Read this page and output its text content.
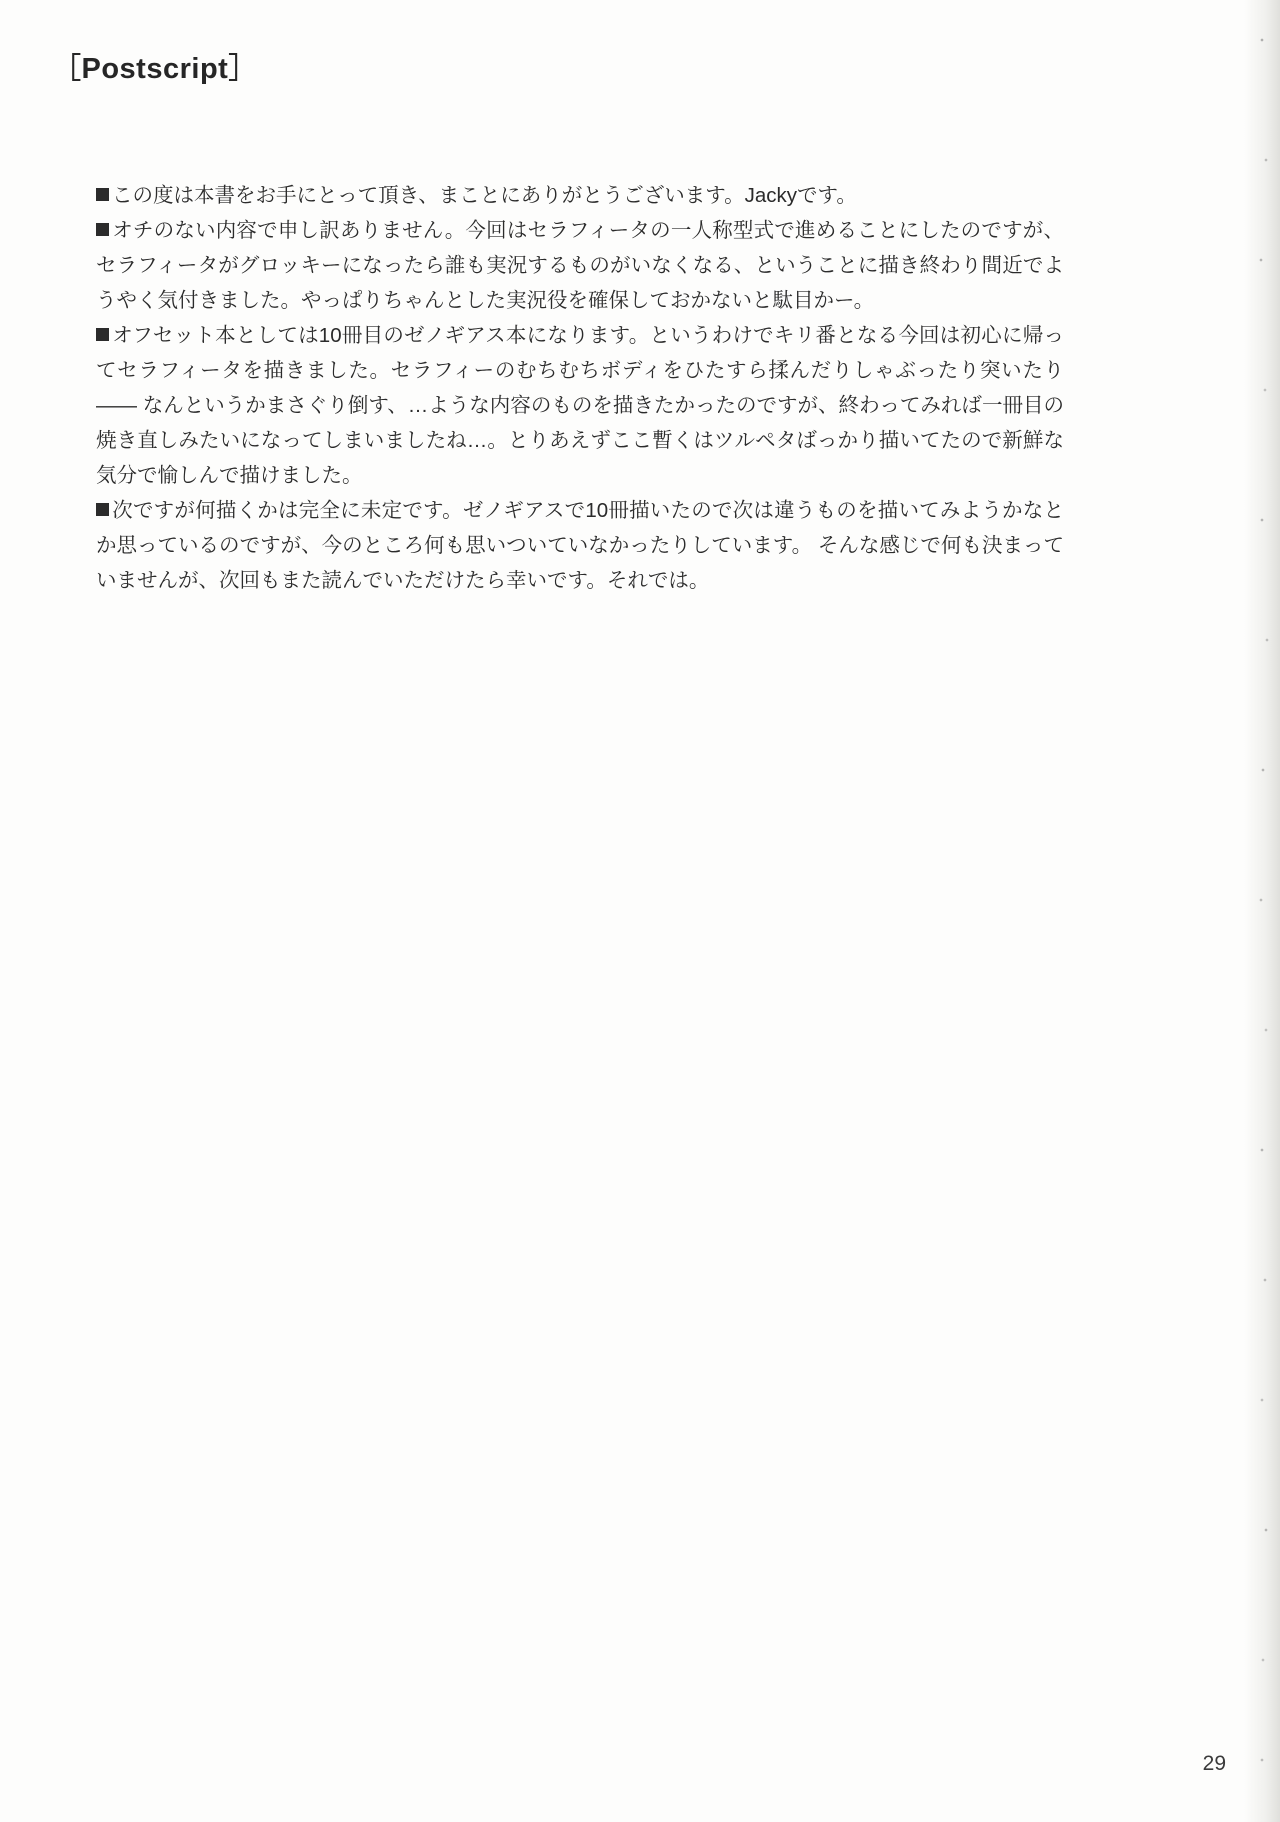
［Postscript］

この度は本書をお手にとって頂き、まことにありがとうございます。Jackyです。

オチのない内容で申し訳ありません。今回はセラフィータの一人称型式で進めることにしたのですが、セラフィータがグロッキーになったら誰も実況するものがいなくなる、ということに描き終わり間近でようやく気付きました。やっぱりちゃんとした実況役を確保しておかないと駄目かー。

オフセット本としては10冊目のゼノギアス本になります。というわけでキリ番となる今回は初心に帰ってセラフィータを描きました。セラフィーのむちむちボディをひたすら揉んだりしゃぶったり突いたり—— なんというかまさぐり倒す、…ような内容のものを描きたかったのですが、終わってみれば一冊目の焼き直しみたいになってしまいましたね…。とりあえずここ暫くはツルペタばっかり描いてたので新鮮な気分で愉しんで描けました。

次ですが何描くかは完全に未定です。ゼノギアスで10冊描いたので次は違うものを描いてみようかなとか思っているのですが、今のところ何も思いついていなかったりしています。 そんな感じで何も決まっていませんが、次回もまた読んでいただけたら幸いです。それでは。

29
